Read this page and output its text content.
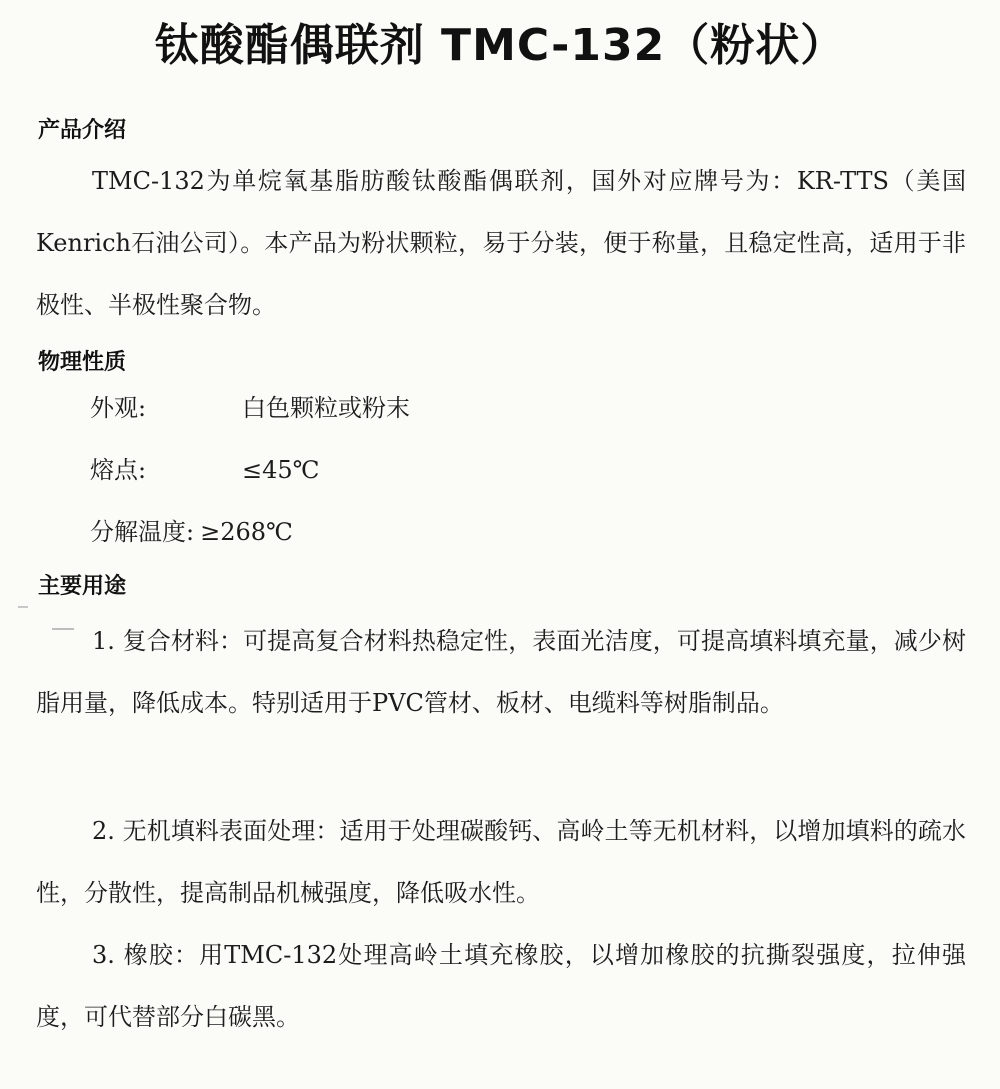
钛酸酯偶联剂 TMC-132（粉状）
产品介绍
TMC-132为单烷氧基脂肪酸钛酸酯偶联剂，国外对应牌号为：KR-TTS（美国Kenrich石油公司）。本产品为粉状颗粒，易于分装，便于称量，且稳定性高，适用于非极性、半极性聚合物。
物理性质
外观:	白色颗粒或粉末
熔点:	≤45℃
分解温度: ≥268℃
主要用途
1. 复合材料：可提高复合材料热稳定性，表面光洁度，可提高填料填充量，减少树脂用量，降低成本。特别适用于PVC管材、板材、电缆料等树脂制品。
2. 无机填料表面处理：适用于处理碳酸钙、高岭土等无机材料，以增加填料的疏水性，分散性，提高制品机械强度，降低吸水性。
3. 橡胶：用TMC-132处理高岭土填充橡胶，以增加橡胶的抗撕裂强度，拉伸强度，可代替部分白碳黑。
